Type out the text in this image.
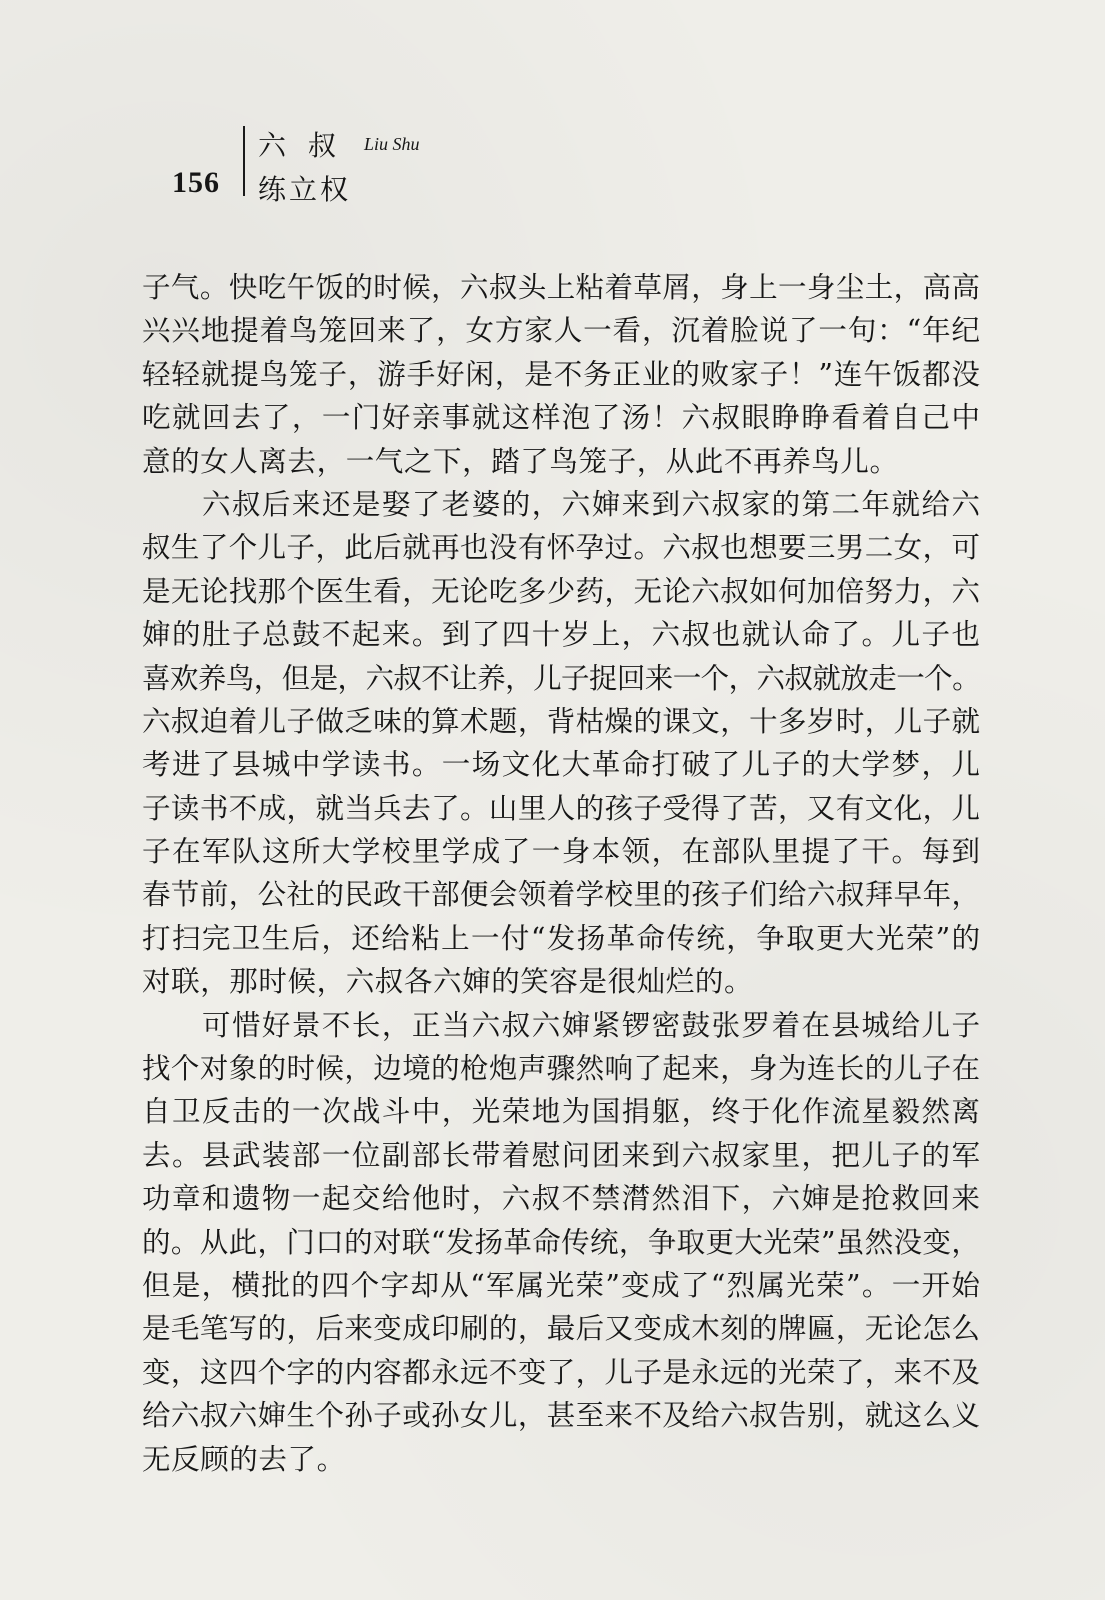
156
六叔 Liu Shu
练立权
子气。快吃午饭的时候，六叔头上粘着草屑，身上一身尘土，高高
兴兴地提着鸟笼回来了，女方家人一看，沉着脸说了一句：“年纪
轻轻就提鸟笼子，游手好闲，是不务正业的败家子！”连午饭都没
吃就回去了，一门好亲事就这样泡了汤！六叔眼睁睁看着自己中
意的女人离去，一气之下，踏了鸟笼子，从此不再养鸟儿。
　　六叔后来还是娶了老婆的，六婶来到六叔家的第二年就给六
叔生了个儿子，此后就再也没有怀孕过。六叔也想要三男二女，可
是无论找那个医生看，无论吃多少药，无论六叔如何加倍努力，六
婶的肚子总鼓不起来。到了四十岁上，六叔也就认命了。儿子也
喜欢养鸟，但是，六叔不让养，儿子捉回来一个，六叔就放走一个。
六叔迫着儿子做乏味的算术题，背枯燥的课文，十多岁时，儿子就
考进了县城中学读书。一场文化大革命打破了儿子的大学梦，儿
子读书不成，就当兵去了。山里人的孩子受得了苦，又有文化，儿
子在军队这所大学校里学成了一身本领，在部队里提了干。每到
春节前，公社的民政干部便会领着学校里的孩子们给六叔拜早年，
打扫完卫生后，还给粘上一付“发扬革命传统，争取更大光荣”的
对联，那时候，六叔各六婶的笑容是很灿烂的。
　　可惜好景不长，正当六叔六婶紧锣密鼓张罗着在县城给儿子
找个对象的时候，边境的枪炮声骤然响了起来，身为连长的儿子在
自卫反击的一次战斗中，光荣地为国捐躯，终于化作流星毅然离
去。县武装部一位副部长带着慰问团来到六叔家里，把儿子的军
功章和遗物一起交给他时，六叔不禁潸然泪下，六婶是抢救回来
的。从此，门口的对联“发扬革命传统，争取更大光荣”虽然没变，
但是，横批的四个字却从“军属光荣”变成了“烈属光荣”。一开始
是毛笔写的，后来变成印刷的，最后又变成木刻的牌匾，无论怎么
变，这四个字的内容都永远不变了，儿子是永远的光荣了，来不及
给六叔六婶生个孙子或孙女儿，甚至来不及给六叔告别，就这么义
无反顾的去了。
